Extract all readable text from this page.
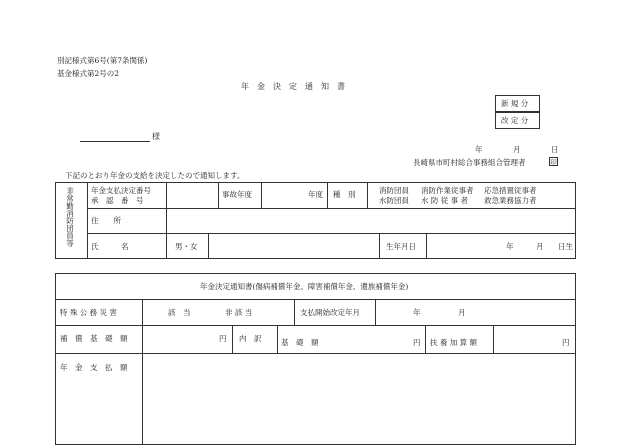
別記様式第6号(第7条関係)
基金様式第2号の2
年　金　決　定　通　知　書
新 規 分
改 定 分
様
年	月	日
長崎県市町村総合事務組合管理者	印
下記のとおり年金の支給を決定したので通知します。
非常勤消防団員等 年金支払決定番号
承　認　番　号
事故年度	年度 種　別	消防団員 消防作業従事者 応急措置従事者
水防団員 水 防 従 事 者 救急業務協力者
住　　所
氏　　　名	男・女	生年月日	年	月 日生
年金決定通知書(傷病補償年金、障害補償年金、遺族補償年金)
特 殊 公 務 災 害	該　当	非 該 当	支払開始改定年月	年	月
補　償　基　礎　額	円 内　訳	基　礎　額	円 扶 養 加 算 額	円
年　金　支　払　額
